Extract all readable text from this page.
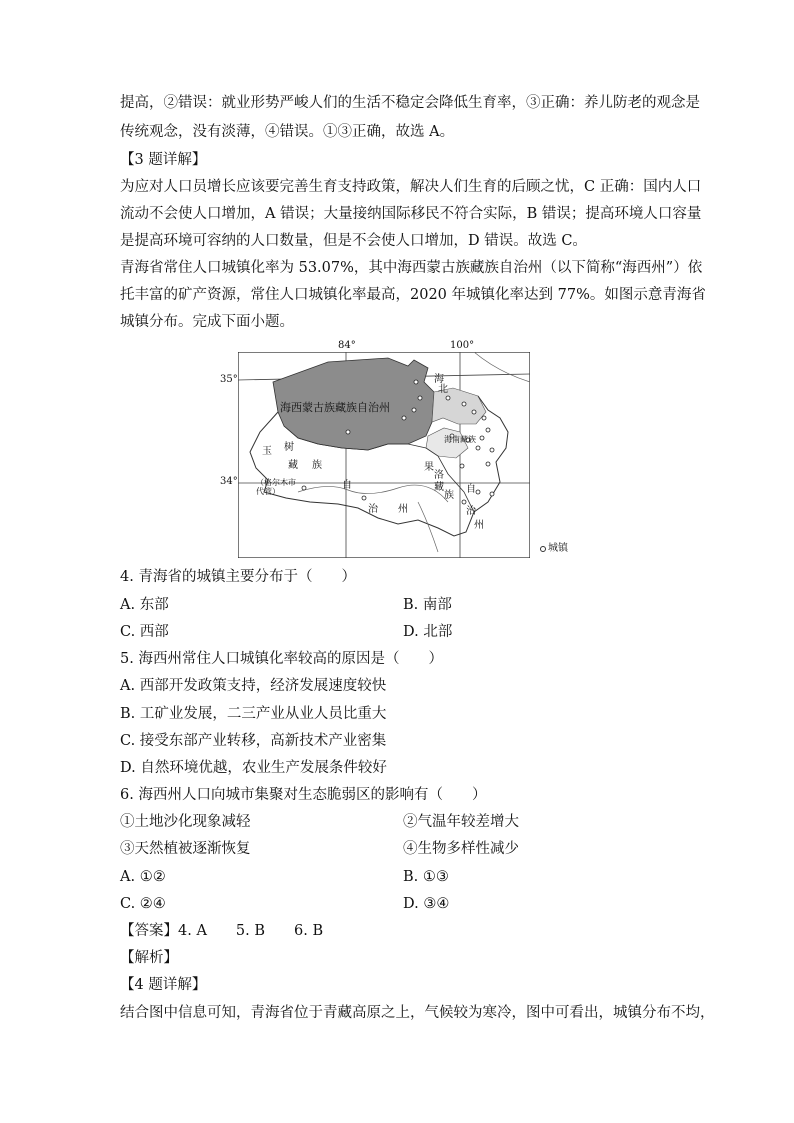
提高，②错误：就业形势严峻人们的生活不稳定会降低生育率，③正确：养儿防老的观念是
传统观念，没有淡薄，④错误。①③正确，故选 A。
【3 题详解】
为应对人口员增长应该要完善生育支持政策，解决人们生育的后顾之忧，C 正确：国内人口
流动不会使人口增加，A 错误；大量接纳国际移民不符合实际，B 错误；提高环境人口容量
是提高环境可容纳的人口数量，但是不会使人口增加，D 错误。故选 C。
青海省常住人口城镇化率为 53.07%，其中海西蒙古族藏族自治州（以下简称“海西州”）依
托丰富的矿产资源，常住人口城镇化率最高，2020 年城镇化率达到 77%。如图示意青海省
城镇分布。完成下面小题。
84°	100°
35°
34°
海西蒙古族藏族自治州
玉 树
藏 族
自
治 州
（格尔木市代管）
果
洛
藏
族
自
治
州
海
北
海南藏族
城镇
4. 青海省的城镇主要分布于（　　）
A. 东部	B. 南部
C. 西部	D. 北部
5. 海西州常住人口城镇化率较高的原因是（　　）
A. 西部开发政策支持，经济发展速度较快
B. 工矿业发展，二三产业从业人员比重大
C. 接受东部产业转移，高新技术产业密集
D. 自然环境优越，农业生产发展条件较好
6. 海西州人口向城市集聚对生态脆弱区的影响有（　　）
①土地沙化现象减轻	②气温年较差增大
③天然植被逐渐恢复	④生物多样性减少
A. ①②	B. ①③
C. ②④	D. ③④
【答案】4. A　　5. B　　6. B
【解析】
【4 题详解】
结合图中信息可知，青海省位于青藏高原之上，气候较为寒冷，图中可看出，城镇分布不均，
